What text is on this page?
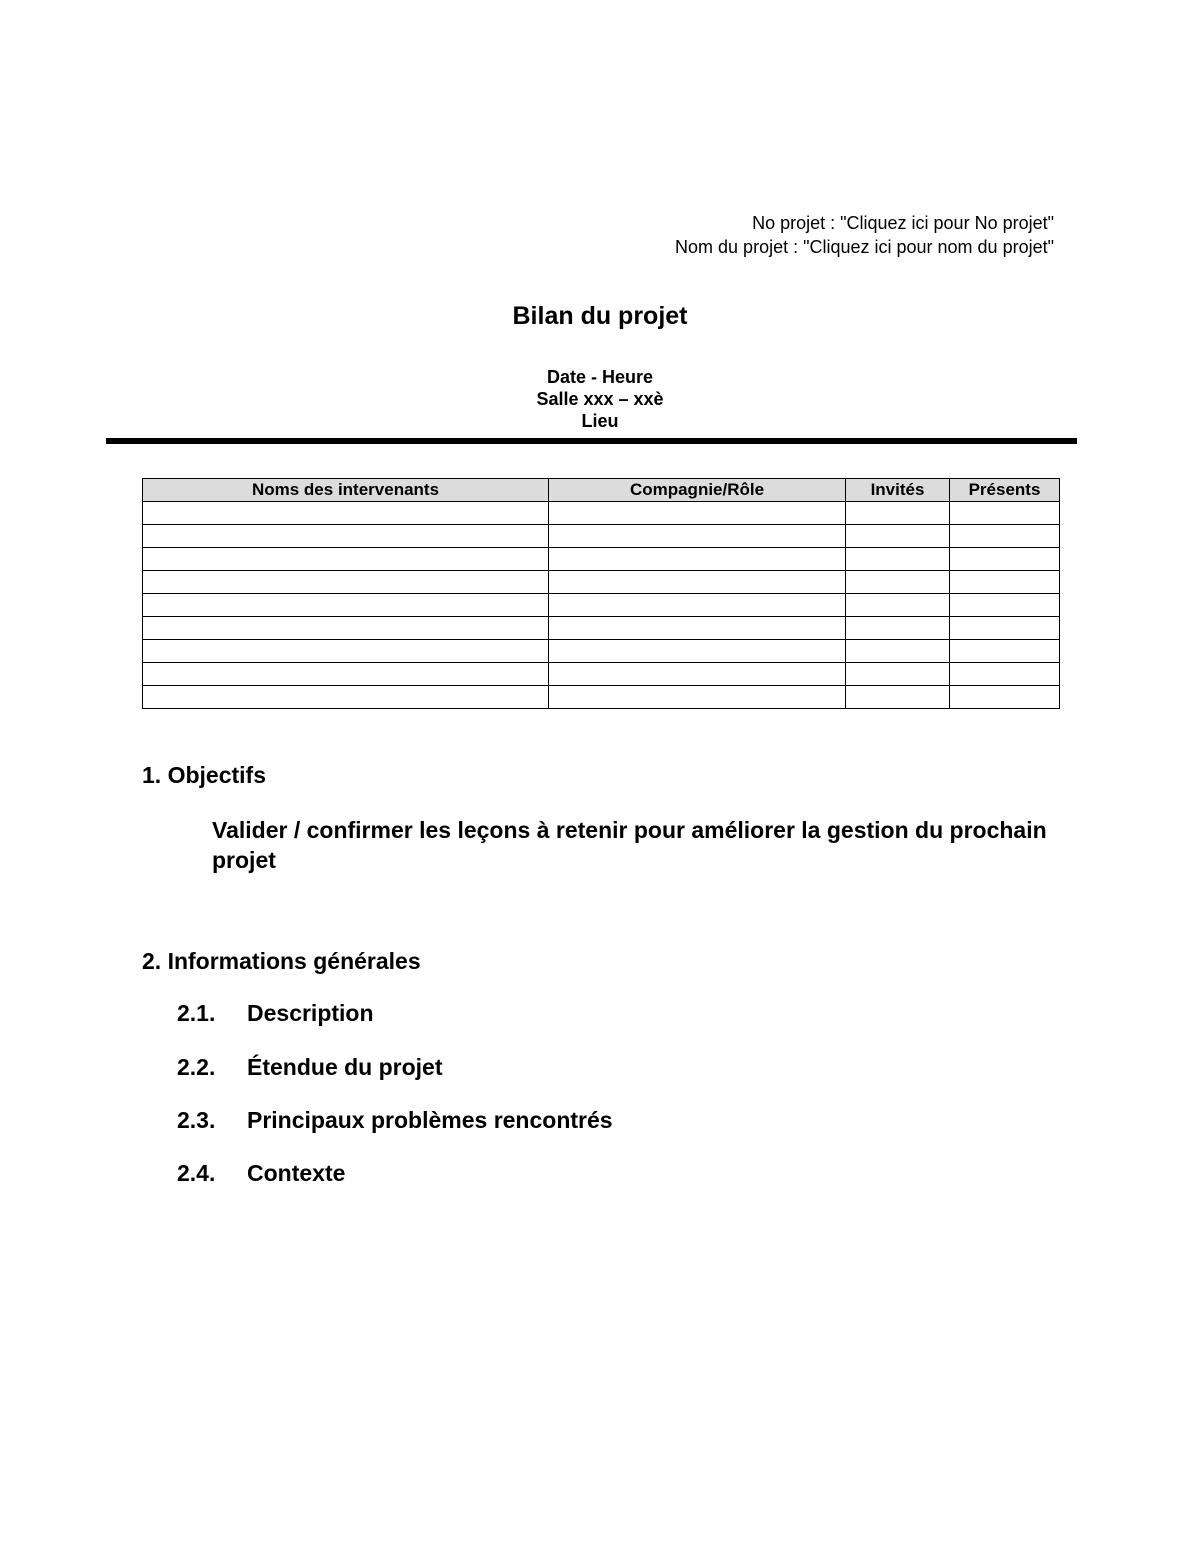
No projet : "Cliquez ici pour No projet"
Nom du projet : "Cliquez ici pour nom du projet"
Bilan du projet
Date - Heure
Salle xxx – xxè
Lieu
Noms des intervenants	Compagnie/Rôle	Invités	Présents

1. Objectifs
Valider / confirmer les leçons à retenir pour améliorer la gestion du prochain projet
2. Informations générales
2.1. Description
2.2. Étendue du projet
2.3. Principaux problèmes rencontrés
2.4. Contexte
